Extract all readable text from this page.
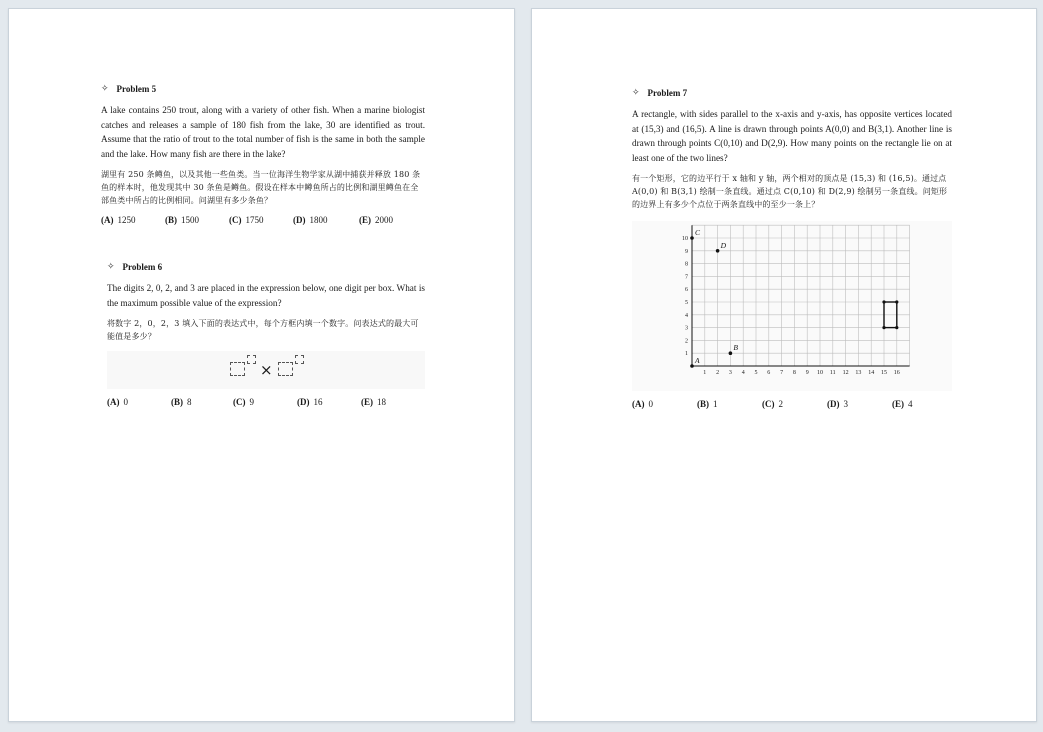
✧ Problem 5

A lake contains 250 trout, along with a variety of other fish. When a marine biologist catches and releases a sample of 180 fish from the lake, 30 are identified as trout. Assume that the ratio of trout to the total number of fish is the same in both the sample and the lake. How many fish are there in the lake?

湖里有 250 条鳟鱼，以及其他一些鱼类。当一位海洋生物学家从湖中捕获并释放 180 条鱼的样本时，他发现其中 30 条鱼是鳟鱼。假设在样本中鳟鱼所占的比例和湖里鳟鱼在全部鱼类中所占的比例相同。问湖里有多少条鱼？

(A) 1250	(B) 1500	(C) 1750	(D) 1800	(E) 2000
✧ Problem 6

The digits 2, 0, 2, and 3 are placed in the expression below, one digit per box. What is the maximum possible value of the expression?

将数字 2，0，2，3 填入下面的表达式中，每个方框内填一个数字。问表达式的最大可能值是多少？

×
(A) 0	(B) 8	(C) 9	(D) 16	(E) 18
✧ Problem 7

A rectangle, with sides parallel to the x-axis and y-axis, has opposite vertices located at (15,3) and (16,5). A line is drawn through points A(0,0) and B(3,1). Another line is drawn through points C(0,10) and D(2,9). How many points on the rectangle lie on at least one of the two lines?

有一个矩形，它的边平行于 x 轴和 y 轴，两个相对的顶点是 (15,3) 和 (16,5)。通过点 A(0,0) 和 B(3,1) 绘制一条直线。通过点 C(0,10) 和 D(2,9) 绘制另一条直线。问矩形的边界上有多少个点位于两条直线中的至少一条上？

1 2 3 4 5 6 7 8 9 10 11 12 13 14 15 16
1
2
3
4
5
6
7
8
9
10
A
B
C
D
(A) 0	(B) 1	(C) 2	(D) 3	(E) 4
